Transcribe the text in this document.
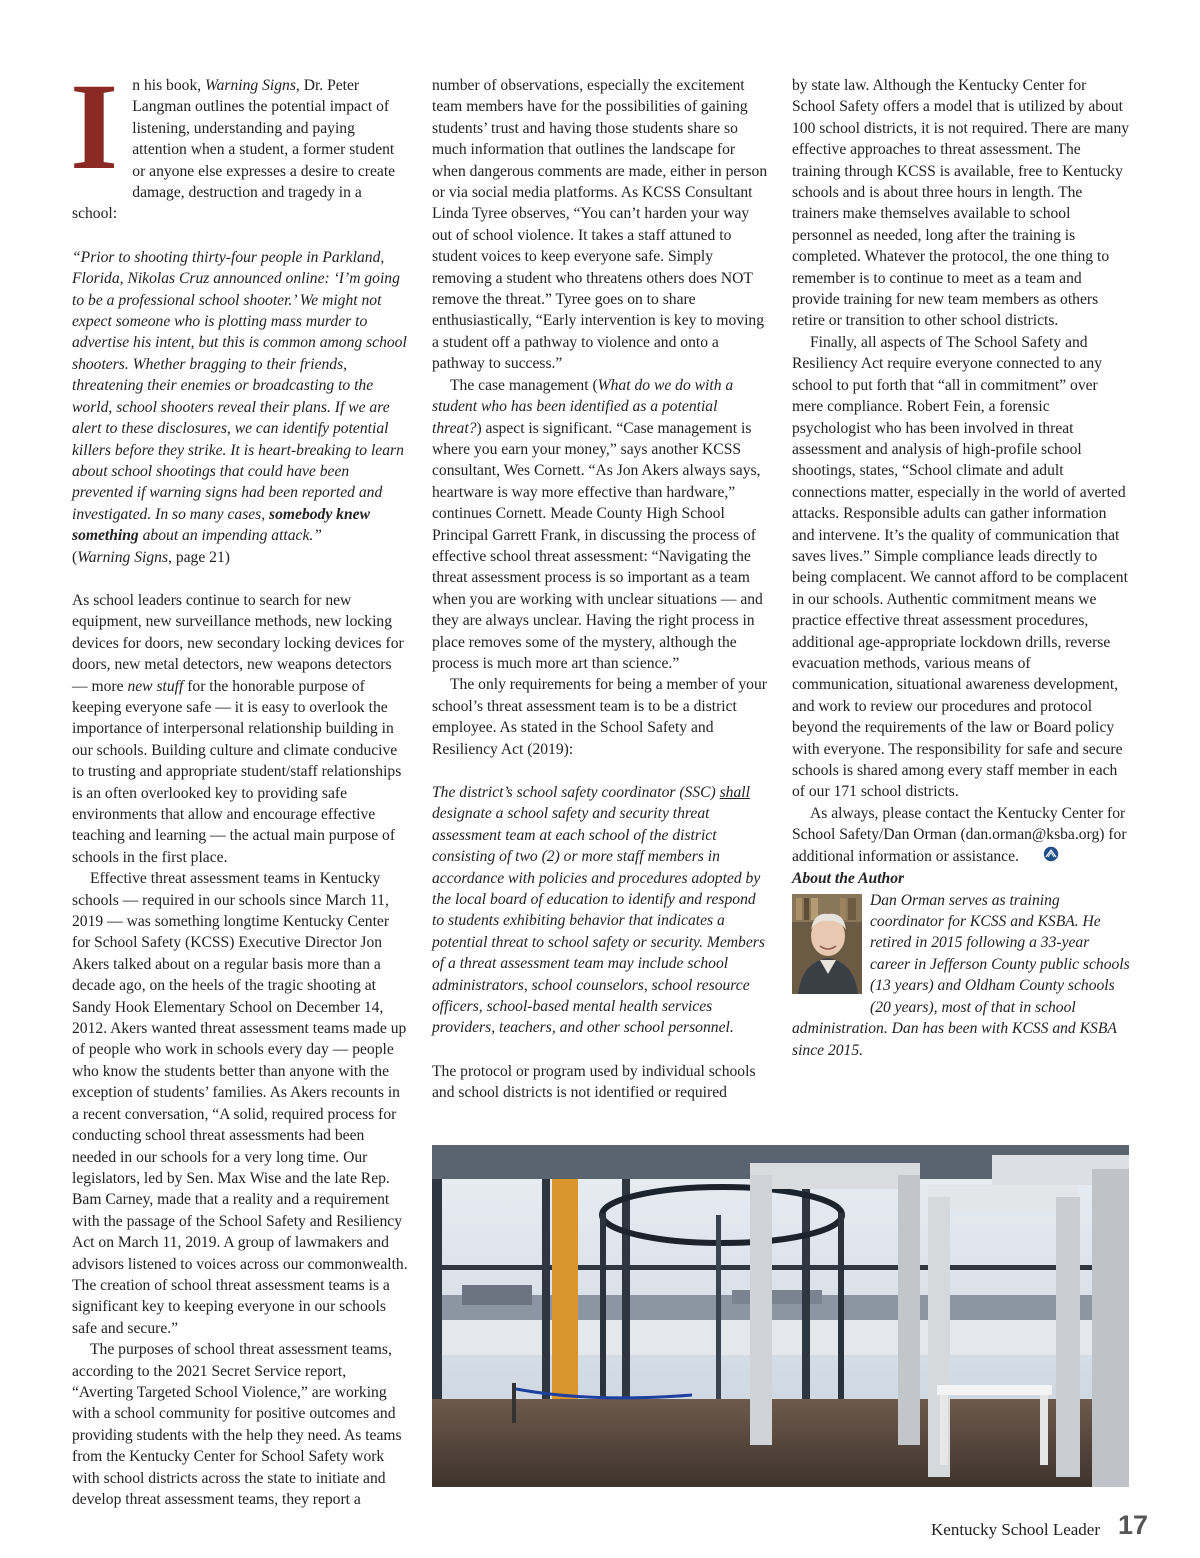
In his book, Warning Signs, Dr. Peter Langman outlines the potential impact of listening, understanding and paying attention when a student, a former student or anyone else expresses a desire to create damage, destruction and tragedy in a school:

“Prior to shooting thirty-four people in Parkland, Florida, Nikolas Cruz announced online: ‘I’m going to be a professional school shooter.’ We might not expect someone who is plotting mass murder to advertise his intent, but this is common among school shooters. Whether bragging to their friends, threatening their enemies or broadcasting to the world, school shooters reveal their plans. If we are alert to these disclosures, we can identify potential killers before they strike. It is heart-breaking to learn about school shootings that could have been prevented if warning signs had been reported and investigated. In so many cases, somebody knew something about an impending attack.”

(Warning Signs, page 21)

As school leaders continue to search for new equipment, new surveillance methods, new locking devices for doors, new secondary locking devices for doors, new metal detectors, new weapons detectors — more new stuff for the honorable purpose of keeping everyone safe — it is easy to overlook the importance of interpersonal relationship building in our schools. Building culture and climate conducive to trusting and appropriate student/staff relationships is an often overlooked key to providing safe environments that allow and encourage effective teaching and learning — the actual main purpose of schools in the first place.

Effective threat assessment teams in Kentucky schools — required in our schools since March 11, 2019 — was something longtime Kentucky Center for School Safety (KCSS) Executive Director Jon Akers talked about on a regular basis more than a decade ago, on the heels of the tragic shooting at Sandy Hook Elementary School on December 14, 2012. Akers wanted threat assessment teams made up of people who work in schools every day — people who know the students better than anyone with the exception of students’ families. As Akers recounts in a recent conversation, “A solid, required process for conducting school threat assessments had been needed in our schools for a very long time. Our legislators, led by Sen. Max Wise and the late Rep. Bam Carney, made that a reality and a requirement with the passage of the School Safety and Resiliency Act on March 11, 2019. A group of lawmakers and advisors listened to voices across our commonwealth. The creation of school threat assessment teams is a significant key to keeping everyone in our schools safe and secure.”

The purposes of school threat assessment teams, according to the 2021 Secret Service report, “Averting Targeted School Violence,” are working with a school community for positive outcomes and providing students with the help they need. As teams from the Kentucky Center for School Safety work with school districts across the state to initiate and develop threat assessment teams, they report a

number of observations, especially the excitement team members have for the possibilities of gaining students’ trust and having those students share so much information that outlines the landscape for when dangerous comments are made, either in person or via social media platforms. As KCSS Consultant Linda Tyree observes, “You can’t harden your way out of school violence. It takes a staff attuned to student voices to keep everyone safe. Simply removing a student who threatens others does NOT remove the threat.” Tyree goes on to share enthusiastically, “Early intervention is key to moving a student off a pathway to violence and onto a pathway to success.”

The case management (What do we do with a student who has been identified as a potential threat?) aspect is significant. “Case management is where you earn your money,” says another KCSS consultant, Wes Cornett. “As Jon Akers always says, heartware is way more effective than hardware,” continues Cornett. Meade County High School Principal Garrett Frank, in discussing the process of effective school threat assessment: “Navigating the threat assessment process is so important as a team when you are working with unclear situations — and they are always unclear. Having the right process in place removes some of the mystery, although the process is much more art than science.”

The only requirements for being a member of your school’s threat assessment team is to be a district employee. As stated in the School Safety and Resiliency Act (2019):

The district’s school safety coordinator (SSC) shall designate a school safety and security threat assessment team at each school of the district consisting of two (2) or more staff members in accordance with policies and procedures adopted by the local board of education to identify and respond to students exhibiting behavior that indicates a potential threat to school safety or security. Members of a threat assessment team may include school administrators, school counselors, school resource officers, school-based mental health services providers, teachers, and other school personnel.

The protocol or program used by individual schools and school districts is not identified or required

by state law. Although the Kentucky Center for School Safety offers a model that is utilized by about 100 school districts, it is not required. There are many effective approaches to threat assessment. The training through KCSS is available, free to Kentucky schools and is about three hours in length. The trainers make themselves available to school personnel as needed, long after the training is completed. Whatever the protocol, the one thing to remember is to continue to meet as a team and provide training for new team members as others retire or transition to other school districts.

Finally, all aspects of The School Safety and Resiliency Act require everyone connected to any school to put forth that “all in commitment” over mere compliance. Robert Fein, a forensic psychologist who has been involved in threat assessment and analysis of high-profile school shootings, states, “School climate and adult connections matter, especially in the world of averted attacks. Responsible adults can gather information and intervene. It’s the quality of communication that saves lives.” Simple compliance leads directly to being complacent. We cannot afford to be complacent in our schools. Authentic commitment means we practice effective threat assessment procedures, additional age-appropriate lockdown drills, reverse evacuation methods, various means of communication, situational awareness development, and work to review our procedures and protocol beyond the requirements of the law or Board policy with everyone. The responsibility for safe and secure schools is shared among every staff member in each of our 171 school districts.

As always, please contact the Kentucky Center for School Safety/Dan Orman (dan.orman@ksba.org) for additional information or assistance.

About the Author

Dan Orman serves as training coordinator for KCSS and KSBA. He retired in 2015 following a 33-year career in Jefferson County public schools (13 years) and Oldham County schools (20 years), most of that in school administration. Dan has been with KCSS and KSBA since 2015.

Kentucky School Leader 17
